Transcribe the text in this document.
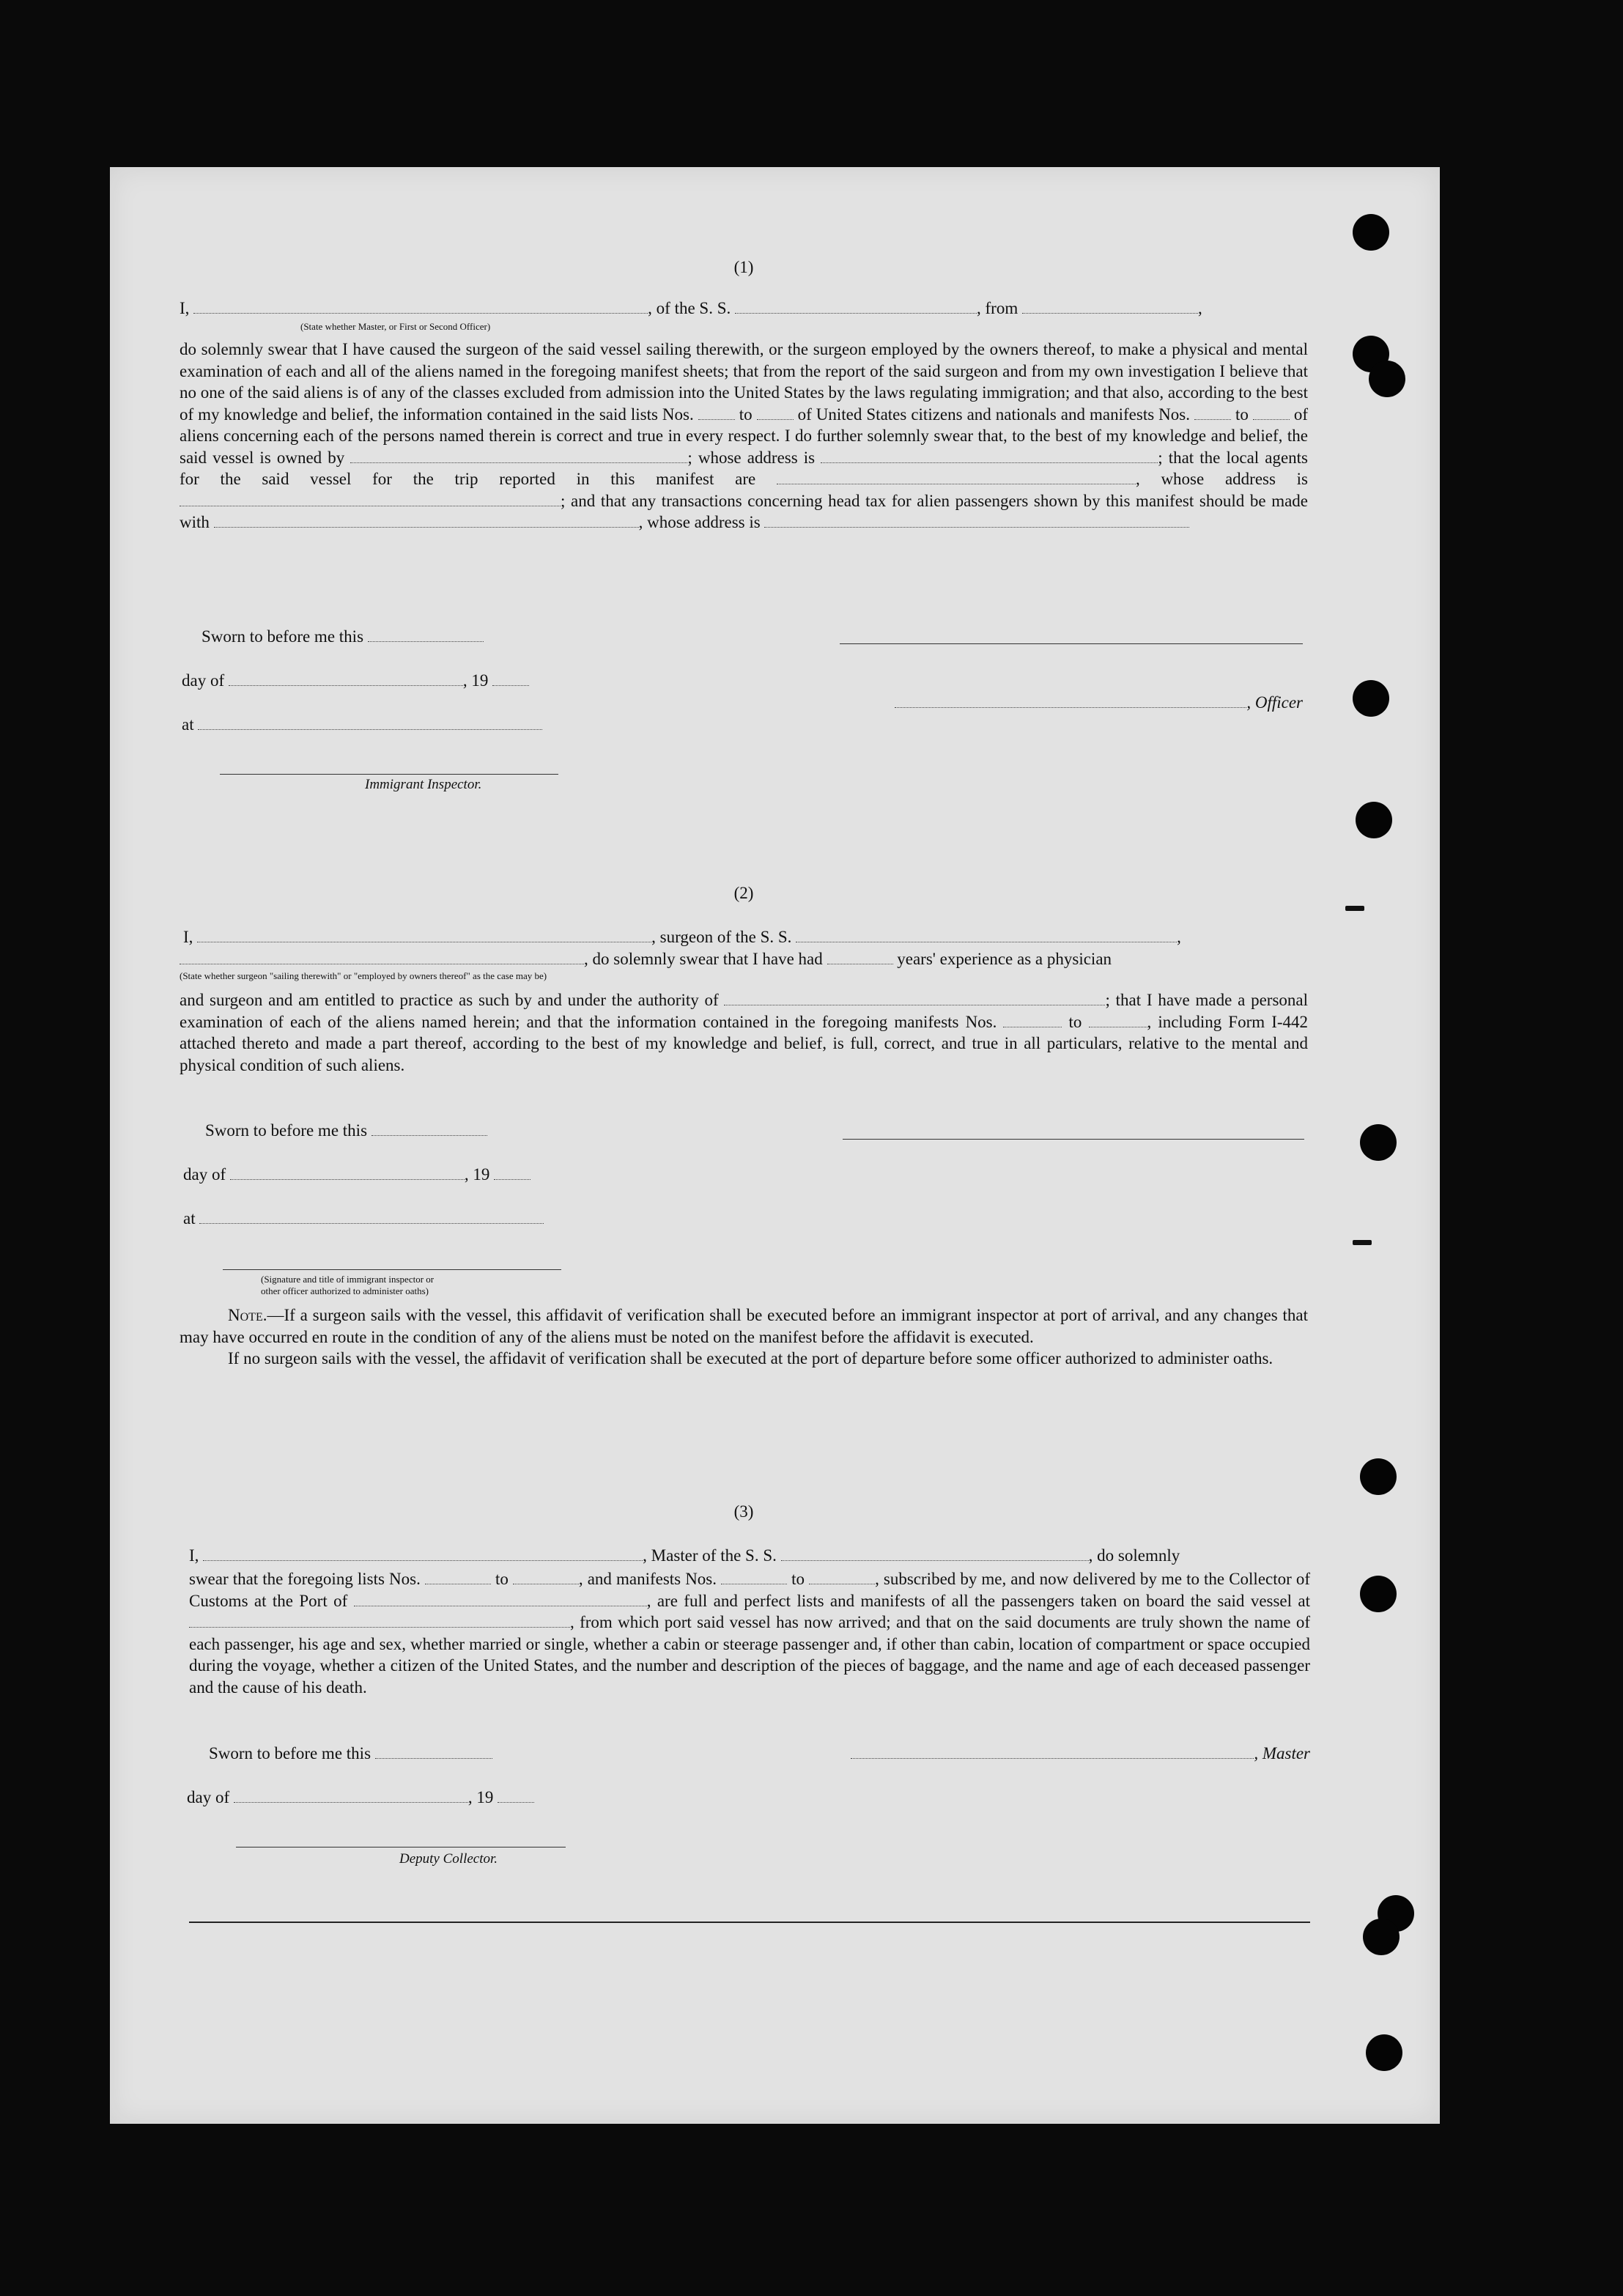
(1)
I,	, of the S. S.	, from	,
(State whether Master, or First or Second Officer)

do solemnly swear that I have caused the surgeon of the said vessel sailing therewith, or the surgeon employed by the owners thereof, to make a physical and mental examination of each and all of the aliens named in the foregoing manifest sheets; that from the report of the said surgeon and from my own investigation I believe that no one of the said aliens is of any of the classes excluded from admission into the United States by the laws regulating immigration; and that also, according to the best of my knowledge and belief, the information contained in the said lists Nos.	to	of United States citizens and nationals and manifests Nos.	to	of aliens concerning each of the persons named therein is correct and true in every respect. I do further solemnly swear that, to the best of my knowledge and belief, the said vessel is owned by	; whose address is	; that the local agents for the said vessel for the trip reported in this manifest are	, whose address is ; and that any transactions concerning head tax for alien passengers shown by this manifest should be made with	, whose address is

Sworn to before me this
day of	, 19
, Officer
at
Immigrant Inspector.
(2)
I,	, surgeon of the S. S.	,
, do solemnly swear that I have had	years' experience as a physician
(State whether surgeon "sailing therewith" or "employed by owners thereof" as the case may be)

and surgeon and am entitled to practice as such by and under the authority of	; that I have made a personal examination of each of the aliens named herein; and that the information contained in the foregoing manifests Nos.	to	, including Form I-442 attached thereto and made a part thereof, according to the best of my knowledge and belief, is full, correct, and true in all particulars, relative to the mental and physical condition of such aliens.

Sworn to before me this
day of	, 19
at
(Signature and title of immigrant inspector or
other officer authorized to administer oaths)

Note.—If a surgeon sails with the vessel, this affidavit of verification shall be executed before an immigrant inspector at port of arrival, and any changes that may have occurred en route in the condition of any of the aliens must be noted on the manifest before the affidavit is executed.

If no surgeon sails with the vessel, the affidavit of verification shall be executed at the port of departure before some officer authorized to administer oaths.

(3)
I,	, Master of the S. S.	, do solemnly

swear that the foregoing lists Nos.	to	, and manifests Nos.	to	, subscribed by me, and now delivered by me to the Collector of Customs at the Port of	, are full and perfect lists and manifests of all the passengers taken on board the said vessel at , from which port said vessel has now arrived; and that on the said documents are truly shown the name of each passenger, his age and sex, whether married or single, whether a cabin or steerage passenger and, if other than cabin, location of compartment or space occupied during the voyage, whether a citizen of the United States, and the number and description of the pieces of baggage, and the name and age of each deceased passenger and the cause of his death.

Sworn to before me this	, Master
day of	, 19
Deputy Collector.
